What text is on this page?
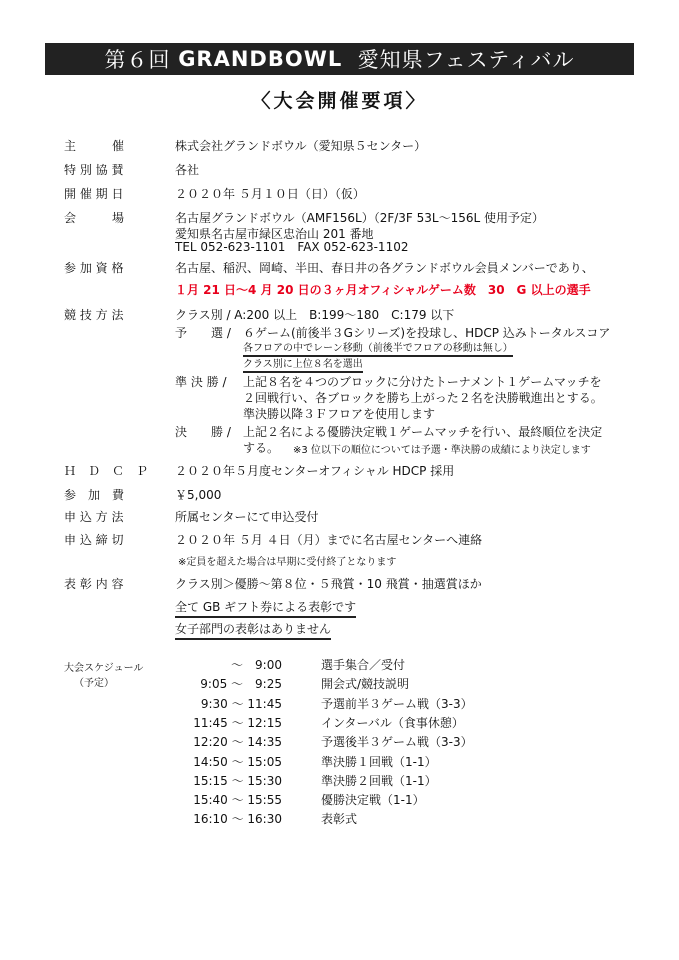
第６回
GRANDBOWL
愛知県フェスティバル
〈大会開催要項〉
主　　　催	株式会社グランドボウル（愛知県５センター）
特 別 協 賛	各社
開 催 期 日	２０２０年 ５月１０日（日）（仮）
会　　　場	名古屋グランドボウル（AMF156L）（2F/3F 53L〜156L 使用予定）
愛知県名古屋市緑区忠治山 201 番地
TEL 052-623-1101　FAX 052-623-1102
参 加 資 格	名古屋、稲沢、岡崎、半田、春日井の各グランドボウル会員メンバーであり、
１月 21 日〜4 月 20 日の３ヶ月オフィシャルゲーム数　30　G 以上の選手
競 技 方 法	クラス別 / A:200 以上　B:199〜180　C:179 以下
予　　選 / ６ゲーム(前後半３Gシリーズ)を投球し、HDCP 込みトータルスコア
各フロアの中でレーン移動（前後半でフロアの移動は無し）
クラス別に上位８名を選出
準 決 勝 / 上記８名を４つのブロックに分けたトーナメント１ゲームマッチを
２回戦行い、各ブロックを勝ち上がった２名を決勝戦進出とする。
準決勝以降３Ｆフロアを使用します
決　　勝 / 上記２名による優勝決定戦１ゲームマッチを行い、最終順位を決定
する。 ※3 位以下の順位については予選・準決勝の成績により決定します
Ｈ　Ｄ　Ｃ　Ｐ ２０２０年５月度センターオフィシャル HDCP 採用
参　加　費	￥5,000
申 込 方 法	所属センターにて申込受付
申 込 締 切	２０２０年 ５月 ４日（月）までに名古屋センターへ連絡
※定員を超えた場合は早期に受付終了となります
表 彰 内 容	クラス別＞優勝〜第８位・５飛賞・10 飛賞・抽選賞ほか
全て GB ギフト券による表彰です
女子部門の表彰はありません
大会スケジュール
（予定）
〜　9:00	選手集合／受付
9:05 〜　9:25	開会式/競技説明
9:30 〜 11:45	予選前半３ゲーム戦（3-3）
11:45 〜 12:15	インターバル（食事休憩）
12:20 〜 14:35	予選後半３ゲーム戦（3-3）
14:50 〜 15:05	準決勝１回戦（1-1）
15:15 〜 15:30	準決勝２回戦（1-1）
15:40 〜 15:55	優勝決定戦（1-1）
16:10 〜 16:30	表彰式
